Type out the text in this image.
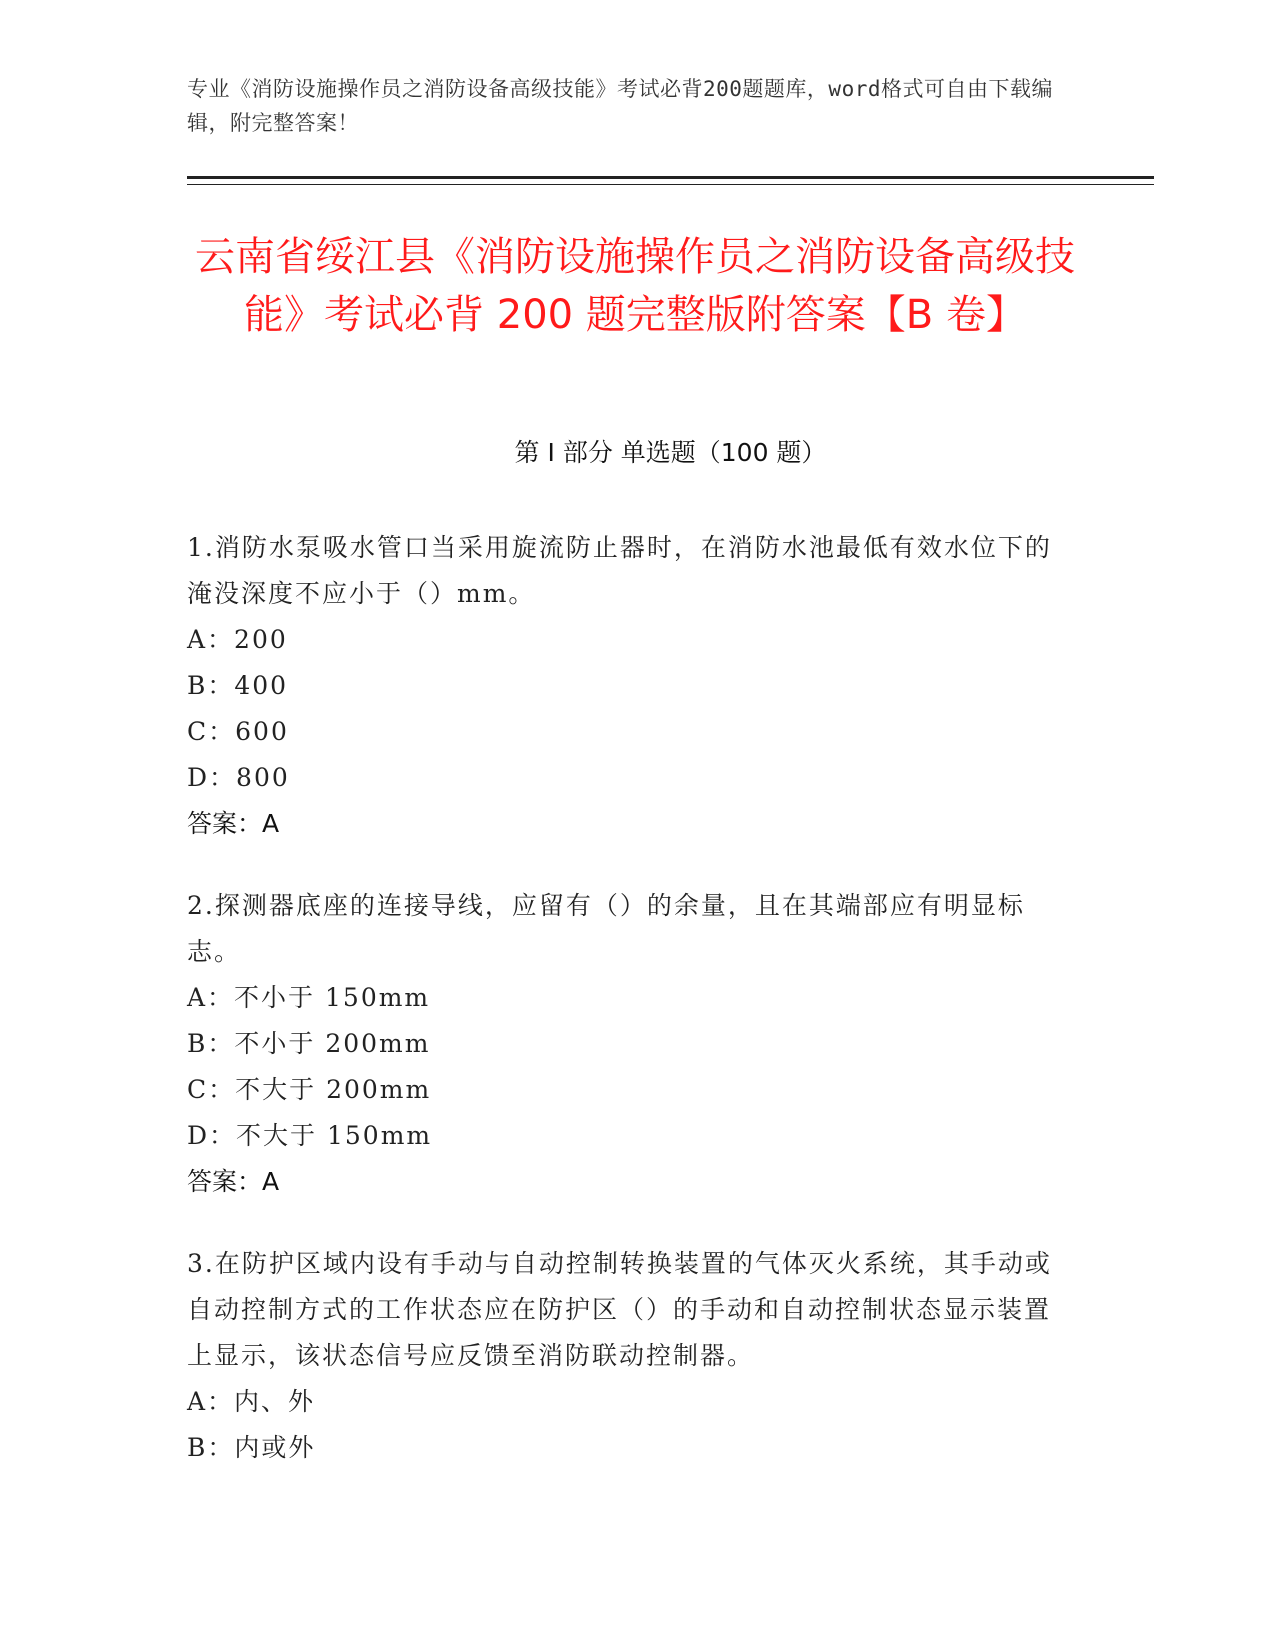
专业《消防设施操作员之消防设备高级技能》考试必背200题题库，word格式可自由下载编辑，附完整答案！
云南省绥江县《消防设施操作员之消防设备高级技能》考试必背 200 题完整版附答案【B 卷】
第 I 部分 单选题（100 题）

1.消防水泵吸水管口当采用旋流防止器时，在消防水池最低有效水位下的淹没深度不应小于（）mm。

A：200

B：400

C：600

D：800

答案：A

2.探测器底座的连接导线，应留有（）的余量，且在其端部应有明显标志。

A：不小于 150mm

B：不小于 200mm

C：不大于 200mm

D：不大于 150mm

答案：A

3.在防护区域内设有手动与自动控制转换装置的气体灭火系统，其手动或自动控制方式的工作状态应在防护区（）的手动和自动控制状态显示装置上显示，该状态信号应反馈至消防联动控制器。

A：内、外

B：内或外
